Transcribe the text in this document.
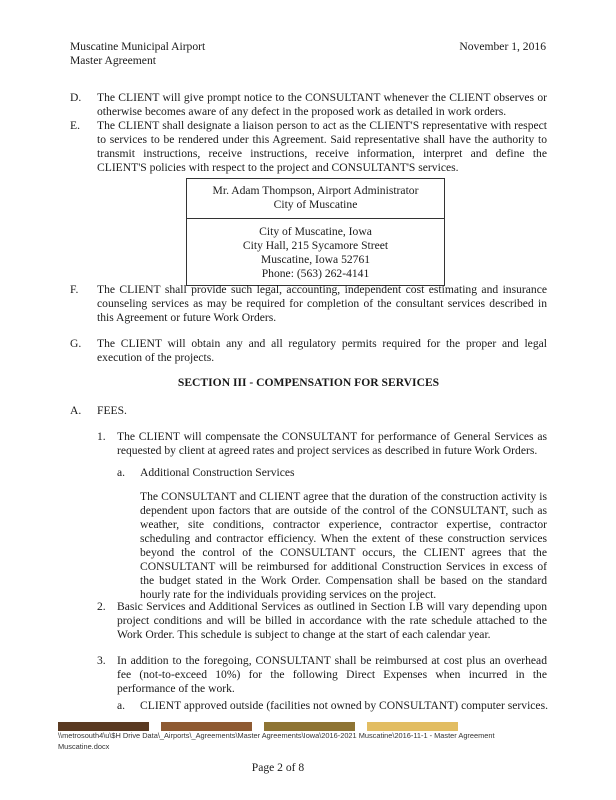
Muscatine Municipal Airport
Master Agreement
November 1, 2016
D. The CLIENT will give prompt notice to the CONSULTANT whenever the CLIENT observes or otherwise becomes aware of any defect in the proposed work as detailed in work orders.
E. The CLIENT shall designate a liaison person to act as the CLIENT'S representative with respect to services to be rendered under this Agreement. Said representative shall have the authority to transmit instructions, receive instructions, receive information, interpret and define the CLIENT'S policies with respect to the project and CONSULTANT'S services.
Mr. Adam Thompson, Airport Administrator
City of Muscatine
City of Muscatine, Iowa
City Hall, 215 Sycamore Street
Muscatine, Iowa 52761
Phone: (563) 262-4141
F. The CLIENT shall provide such legal, accounting, independent cost estimating and insurance counseling services as may be required for completion of the consultant services described in this Agreement or future Work Orders.
G. The CLIENT will obtain any and all regulatory permits required for the proper and legal execution of the projects.
SECTION III - COMPENSATION FOR SERVICES
A. FEES.
1. The CLIENT will compensate the CONSULTANT for performance of General Services as requested by client at agreed rates and project services as described in future Work Orders.
a. Additional Construction Services
The CONSULTANT and CLIENT agree that the duration of the construction activity is dependent upon factors that are outside of the control of the CONSULTANT, such as weather, site conditions, contractor experience, contractor expertise, contractor scheduling and contractor efficiency. When the extent of these construction services beyond the control of the CONSULTANT occurs, the CLIENT agrees that the CONSULTANT will be reimbursed for additional Construction Services in excess of the budget stated in the Work Order. Compensation shall be based on the standard hourly rate for the individuals providing services on the project.
2. Basic Services and Additional Services as outlined in Section I.B will vary depending upon project conditions and will be billed in accordance with the rate schedule attached to the Work Order. This schedule is subject to change at the start of each calendar year.
3. In addition to the foregoing, CONSULTANT shall be reimbursed at cost plus an overhead fee (not-to-exceed 10%) for the following Direct Expenses when incurred in the performance of the work.
a. CLIENT approved outside (facilities not owned by CONSULTANT) computer services.
\\metrosouth4\u\$H Drive Data\_Airports\_Agreements\Master Agreements\Iowa\2016-2021 Muscatine\2016-11-1 - Master Agreement Muscatine.docx
Page 2 of 8
